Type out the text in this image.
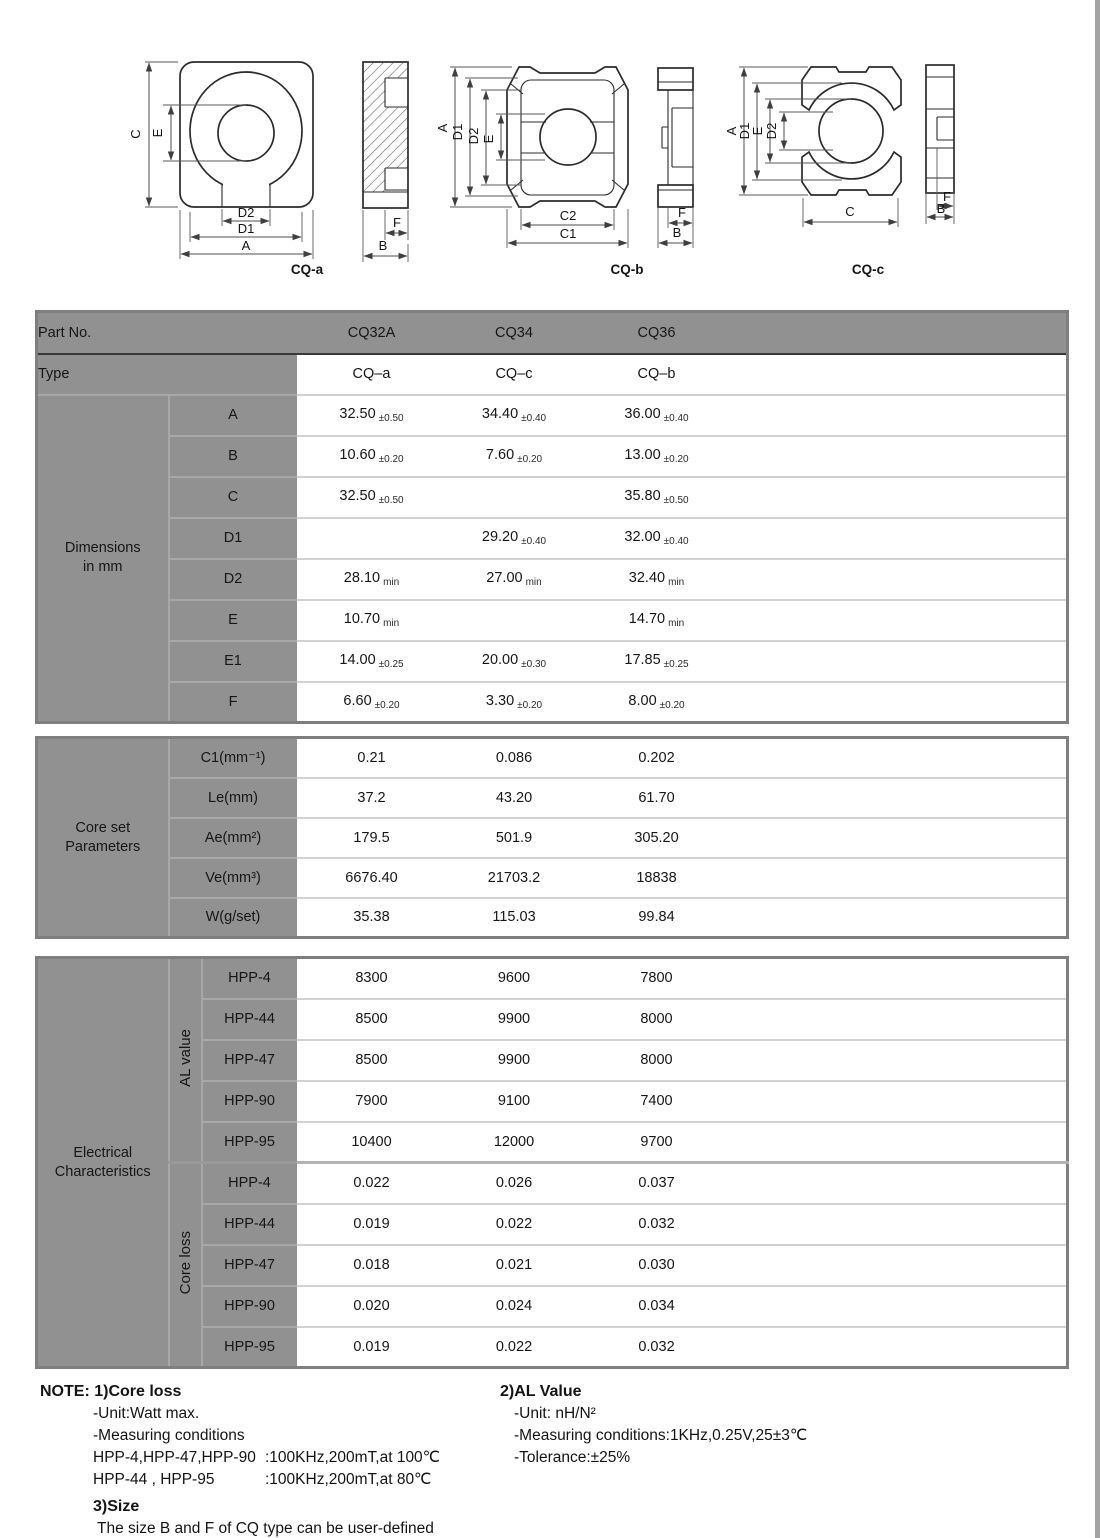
C E
D2
D1
A
CQ-a
F
B
A D1 D2 E
C2
C1
CQ-b
F
B
A
D1
E D2
C
CQ-c
F
B
Part No.		CQ32A	CQ34	CQ36	
Type		CQ–a	CQ–c	CQ–b	

Dimensions
in mm	A	32.50 $_{\pm 0.50}$	34.40 $_{\pm 0.40}$	36.00 $_{\pm 0.40}$	
	B	10.60 $_{\pm 0.20}$	7.60 $_{\pm 0.20}$	13.00 $_{\pm 0.20}$	
	C	32.50 $_{\pm 0.50}$		35.80 $_{\pm 0.50}$	
	D1		29.20 $_{\pm 0.40}$	32.00 $_{\pm 0.40}$	
	D2	28.10 $_{min}$	27.00 $_{min}$	32.40 $_{min}$	
	E	10.70 $_{min}$		14.70 $_{min}$	
	E1	14.00 $_{\pm 0.25}$	20.00 $_{\pm 0.30}$	17.85 $_{\pm 0.25}$	
	F	6.60 $_{\pm 0.20}$	3.30 $_{\pm 0.20}$	8.00 $_{\pm 0.20}$	
Core set
Parameters	C1(mm⁻¹)	0.21	0.086	0.202	
	Le(mm)	37.2	43.20	61.70	
	Ae(mm²)	179.5	501.9	305.20	
	Ve(mm³)	6676.40	21703.2	18838	
	W(g/set)	35.38	115.03	99.84	
Electrical
Characteristics	AL value	HPP-4	8300	9600	7800	
		HPP-44	8500	9900	8000	
		HPP-47	8500	9900	8000	
		HPP-90	7900	9100	7400	
		HPP-95	10400	12000	9700	
	Core loss	HPP-4	0.022	0.026	0.037	
		HPP-44	0.019	0.022	0.032	
		HPP-47	0.018	0.021	0.030	
		HPP-90	0.020	0.024	0.034	
		HPP-95	0.019	0.022	0.032	
NOTE: 1)Core loss
-Unit:Watt max.
-Measuring conditions
HPP-4,HPP-47,HPP-90 :100KHz,200mT,at 100℃
HPP-44 , HPP-95	:100KHz,200mT,at 80℃
3)Size
The size B and F of CQ type can be user-defined
2)AL Value
-Unit: nH/N²
-Measuring conditions:1KHz,0.25V,25±3℃
-Tolerance:±25%
